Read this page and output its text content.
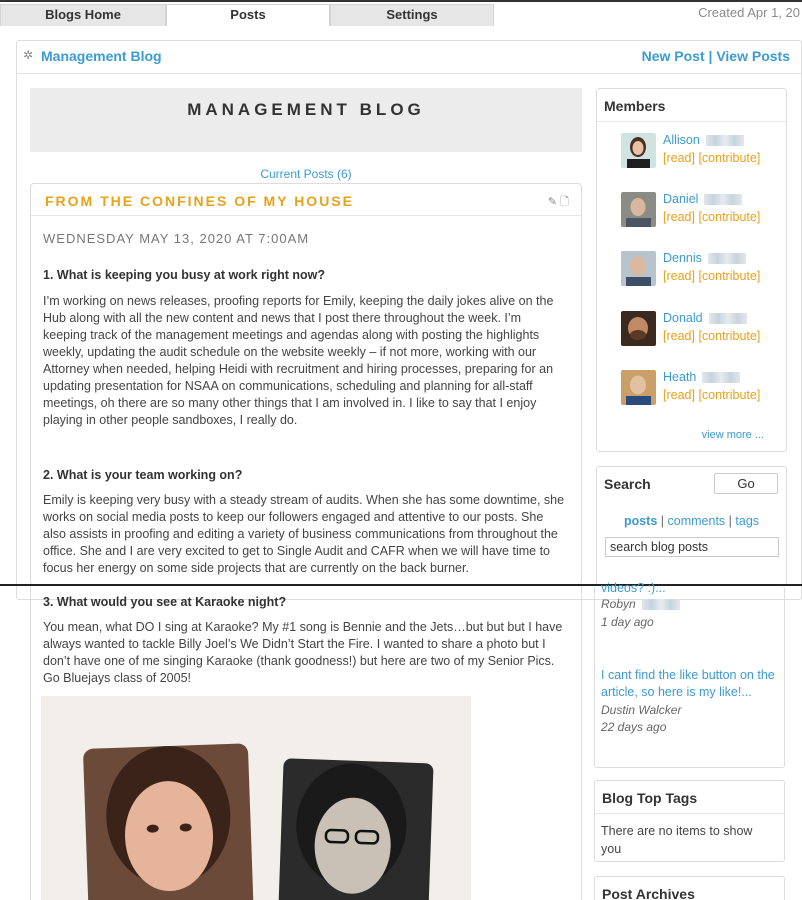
Blogs Home	Posts	Settings	Created Apr 1, 20
✲ Management Blog	New Post | View Posts
MANAGEMENT BLOG
Current Posts (6)
FROM THE CONFINES OF MY HOUSE	✎ 🗋
WEDNESDAY MAY 13, 2020 AT 7:00AM
1. What is keeping you busy at work right now?
I’m working on news releases, proofing reports for Emily, keeping the daily jokes alive on the Hub along with all the new content and news that I post there throughout the week. I’m keeping track of the management meetings and agendas along with posting the highlights weekly, updating the audit schedule on the website weekly – if not more, working with our Attorney when needed, helping Heidi with recruitment and hiring processes, preparing for an updating presentation for NSAA on communications, scheduling and planning for all-staff meetings, oh there are so many other things that I am involved in. I like to say that I enjoy playing in other people sandboxes, I really do.
2. What is your team working on?
Emily is keeping very busy with a steady stream of audits. When she has some downtime, she works on social media posts to keep our followers engaged and attentive to our posts. She also assists in proofing and editing a variety of business communications from throughout the office. She and I are very excited to get to Single Audit and CAFR when we will have time to focus her energy on some side projects that are currently on the back burner.
Members
Allison
[read] [contribute]
Daniel
[read] [contribute]
Dennis
[read] [contribute]
Donald
[read] [contribute]
Heath
[read] [contribute]
view more ...
Search	Go
posts | comments | tags
search blog posts
3. What would you see at Karaoke night?
You mean, what DO I sing at Karaoke? My #1 song is Bennie and the Jets…but but but I have always wanted to tackle Billy Joel’s We Didn’t Start the Fire. I wanted to share a photo but I don’t have one of me singing Karaoke (thank goodness!) but here are two of my Senior Pics. Go Bluejays class of 2005!
videos? :)...
Robyn
1 day ago
I cant find the like button on the article, so here is my like!...
Dustin Walcker
22 days ago
Blog Top Tags
There are no items to show you
Post Archives
